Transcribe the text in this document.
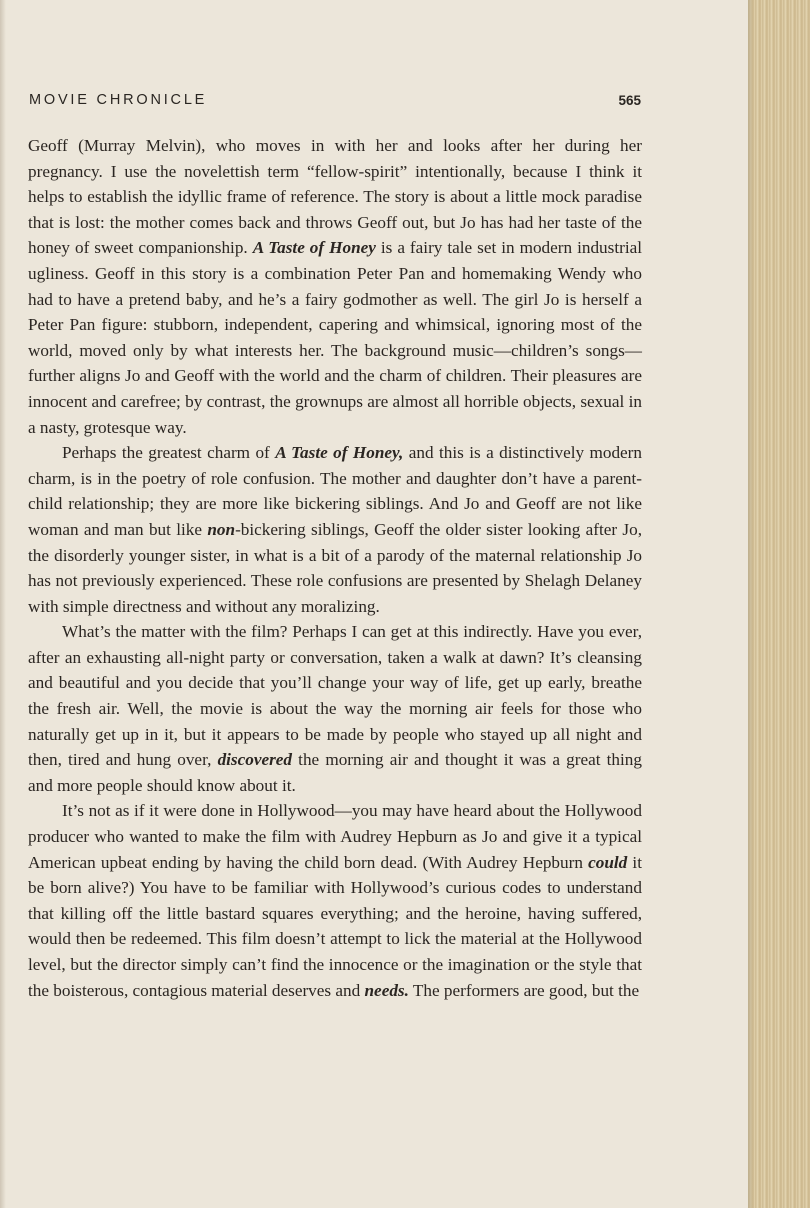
MOVIE CHRONICLE	565

Geoff (Murray Melvin), who moves in with her and looks after her during her pregnancy. I use the novelettish term “fellow-spirit” intentionally, because I think it helps to establish the idyllic frame of reference. The story is about a little mock paradise that is lost: the mother comes back and throws Geoff out, but Jo has had her taste of the honey of sweet companionship. A Taste of Honey is a fairy tale set in modern industrial ugliness. Geoff in this story is a combination Peter Pan and homemaking Wendy who had to have a pretend baby, and he’s a fairy godmother as well. The girl Jo is herself a Peter Pan figure: stubborn, independent, capering and whimsical, ignoring most of the world, moved only by what interests her. The background music—children’s songs—further aligns Jo and Geoff with the world and the charm of children. Their pleasures are innocent and carefree; by contrast, the grownups are almost all horrible objects, sexual in a nasty, grotesque way.

Perhaps the greatest charm of A Taste of Honey, and this is a distinctively modern charm, is in the poetry of role confusion. The mother and daughter don’t have a parent-child relationship; they are more like bickering siblings. And Jo and Geoff are not like woman and man but like non-bickering siblings, Geoff the older sister looking after Jo, the disorderly younger sister, in what is a bit of a parody of the maternal relationship Jo has not previously experienced. These role confusions are presented by Shelagh Delaney with simple directness and without any moralizing.

What’s the matter with the film? Perhaps I can get at this indirectly. Have you ever, after an exhausting all-night party or conversation, taken a walk at dawn? It’s cleansing and beautiful and you decide that you’ll change your way of life, get up early, breathe the fresh air. Well, the movie is about the way the morning air feels for those who naturally get up in it, but it appears to be made by people who stayed up all night and then, tired and hung over, discovered the morning air and thought it was a great thing and more people should know about it.

It’s not as if it were done in Hollywood—you may have heard about the Hollywood producer who wanted to make the film with Audrey Hepburn as Jo and give it a typical American upbeat ending by having the child born dead. (With Audrey Hepburn could it be born alive?) You have to be familiar with Hollywood’s curious codes to understand that killing off the little bastard squares everything; and the heroine, having suffered, would then be redeemed. This film doesn’t attempt to lick the material at the Hollywood level, but the director simply can’t find the innocence or the imagination or the style that the boisterous, contagious material deserves and needs. The performers are good, but the
